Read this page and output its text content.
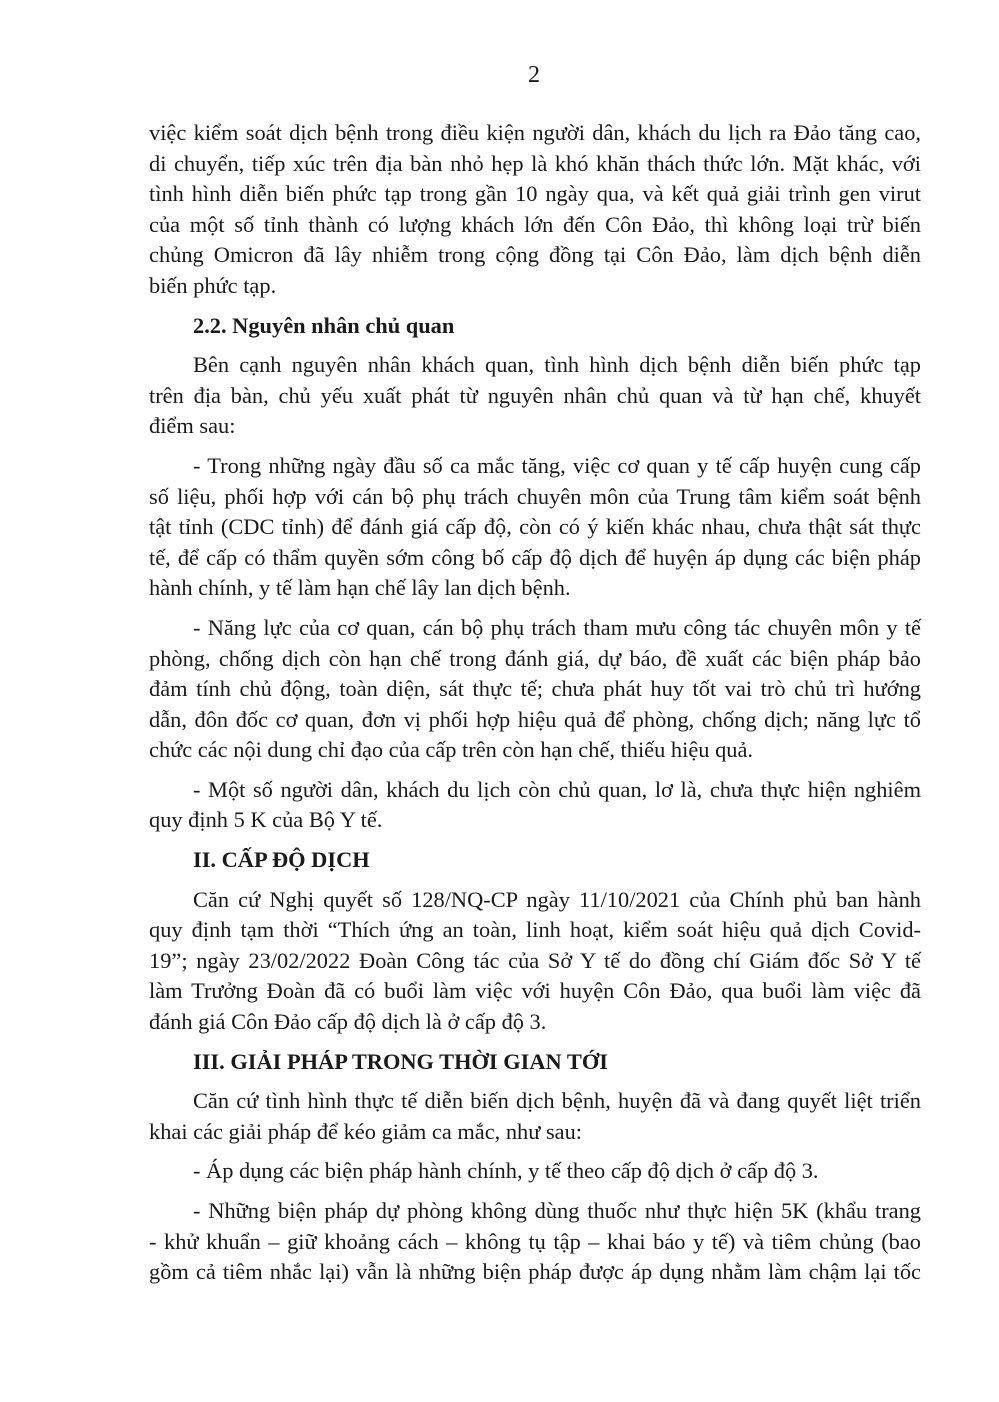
2

việc kiểm soát dịch bệnh trong điều kiện người dân, khách du lịch ra Đảo tăng cao,
di chuyển, tiếp xúc trên địa bàn nhỏ hẹp là khó khăn thách thức lớn. Mặt khác, với
tình hình diễn biến phức tạp trong gần 10 ngày qua, và kết quả giải trình gen virut
của một số tỉnh thành có lượng khách lớn đến Côn Đảo, thì không loại trừ biến
chủng Omicron đã lây nhiễm trong cộng đồng tại Côn Đảo, làm dịch bệnh diễn
biến phức tạp.

2.2. Nguyên nhân chủ quan

Bên cạnh nguyên nhân khách quan, tình hình dịch bệnh diễn biến phức tạp
trên địa bàn, chủ yếu xuất phát từ nguyên nhân chủ quan và từ hạn chế, khuyết
điểm sau:

- Trong những ngày đầu số ca mắc tăng, việc cơ quan y tế cấp huyện cung cấp
số liệu, phối hợp với cán bộ phụ trách chuyên môn của Trung tâm kiểm soát bệnh
tật tỉnh (CDC tỉnh) để đánh giá cấp độ, còn có ý kiến khác nhau, chưa thật sát thực
tế, để cấp có thẩm quyền sớm công bố cấp độ dịch để huyện áp dụng các biện pháp
hành chính, y tế làm hạn chế lây lan dịch bệnh.

- Năng lực của cơ quan, cán bộ phụ trách tham mưu công tác chuyên môn y tế
phòng, chống dịch còn hạn chế trong đánh giá, dự báo, đề xuất các biện pháp bảo
đảm tính chủ động, toàn diện, sát thực tế; chưa phát huy tốt vai trò chủ trì hướng
dẫn, đôn đốc cơ quan, đơn vị phối hợp hiệu quả để phòng, chống dịch; năng lực tổ
chức các nội dung chỉ đạo của cấp trên còn hạn chế, thiếu hiệu quả.

- Một số người dân, khách du lịch còn chủ quan, lơ là, chưa thực hiện nghiêm
quy định 5 K của Bộ Y tế.

II. CẤP ĐỘ DỊCH

Căn cứ Nghị quyết số 128/NQ-CP ngày 11/10/2021 của Chính phủ ban hành
quy định tạm thời “Thích ứng an toàn, linh hoạt, kiểm soát hiệu quả dịch Covid-
19”; ngày 23/02/2022 Đoàn Công tác của Sở Y tế do đồng chí Giám đốc Sở Y tế
làm Trưởng Đoàn đã có buổi làm việc với huyện Côn Đảo, qua buổi làm việc đã
đánh giá Côn Đảo cấp độ dịch là ở cấp độ 3.

III. GIẢI PHÁP TRONG THỜI GIAN TỚI

Căn cứ tình hình thực tế diễn biến dịch bệnh, huyện đã và đang quyết liệt triển
khai các giải pháp để kéo giảm ca mắc, như sau:

- Áp dụng các biện pháp hành chính, y tế theo cấp độ dịch ở cấp độ 3.

- Những biện pháp dự phòng không dùng thuốc như thực hiện 5K (khẩu trang
- khử khuẩn – giữ khoảng cách – không tụ tập – khai báo y tế) và tiêm chủng (bao
gồm cả tiêm nhắc lại) vẫn là những biện pháp được áp dụng nhằm làm chậm lại tốc
